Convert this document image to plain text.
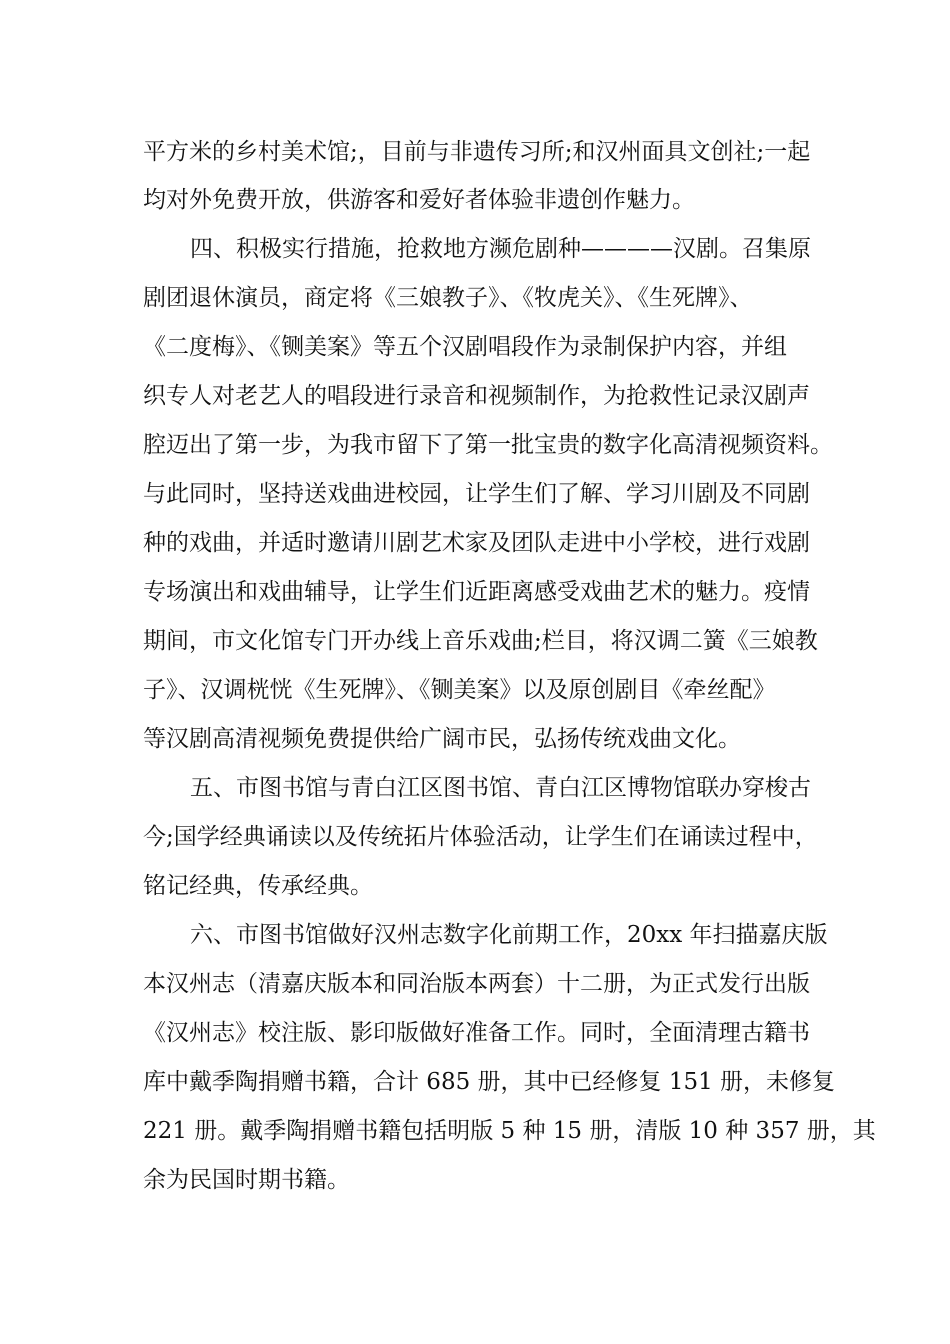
平方米的乡村美术馆;，目前与非遗传习所;和汉州面具文创社;一起
均对外免费开放，供游客和爱好者体验非遗创作魅力。
四、积极实行措施，抢救地方濒危剧种————汉剧。召集原
剧团退休演员，商定将《三娘教子》、《牧虎关》、《生死牌》、
《二度梅》、《铡美案》等五个汉剧唱段作为录制保护内容，并组
织专人对老艺人的唱段进行录音和视频制作，为抢救性记录汉剧声
腔迈出了第一步，为我市留下了第一批宝贵的数字化高清视频资料。
与此同时，坚持送戏曲进校园，让学生们了解、学习川剧及不同剧
种的戏曲，并适时邀请川剧艺术家及团队走进中小学校，进行戏剧
专场演出和戏曲辅导，让学生们近距离感受戏曲艺术的魅力。疫情
期间，市文化馆专门开办线上音乐戏曲;栏目，将汉调二簧《三娘教
子》、汉调桄恍《生死牌》、《铡美案》以及原创剧目《牵丝配》
等汉剧高清视频免费提供给广阔市民，弘扬传统戏曲文化。
五、市图书馆与青白江区图书馆、青白江区博物馆联办穿梭古
今;国学经典诵读以及传统拓片体验活动，让学生们在诵读过程中，
铭记经典，传承经典。
六、市图书馆做好汉州志数字化前期工作，20xx 年扫描嘉庆版
本汉州志（清嘉庆版本和同治版本两套）十二册，为正式发行出版
《汉州志》校注版、影印版做好准备工作。同时，全面清理古籍书
库中戴季陶捐赠书籍，合计 685 册，其中已经修复 151 册，未修复
221 册。戴季陶捐赠书籍包括明版 5 种 15 册，清版 10 种 357 册，其
余为民国时期书籍。
